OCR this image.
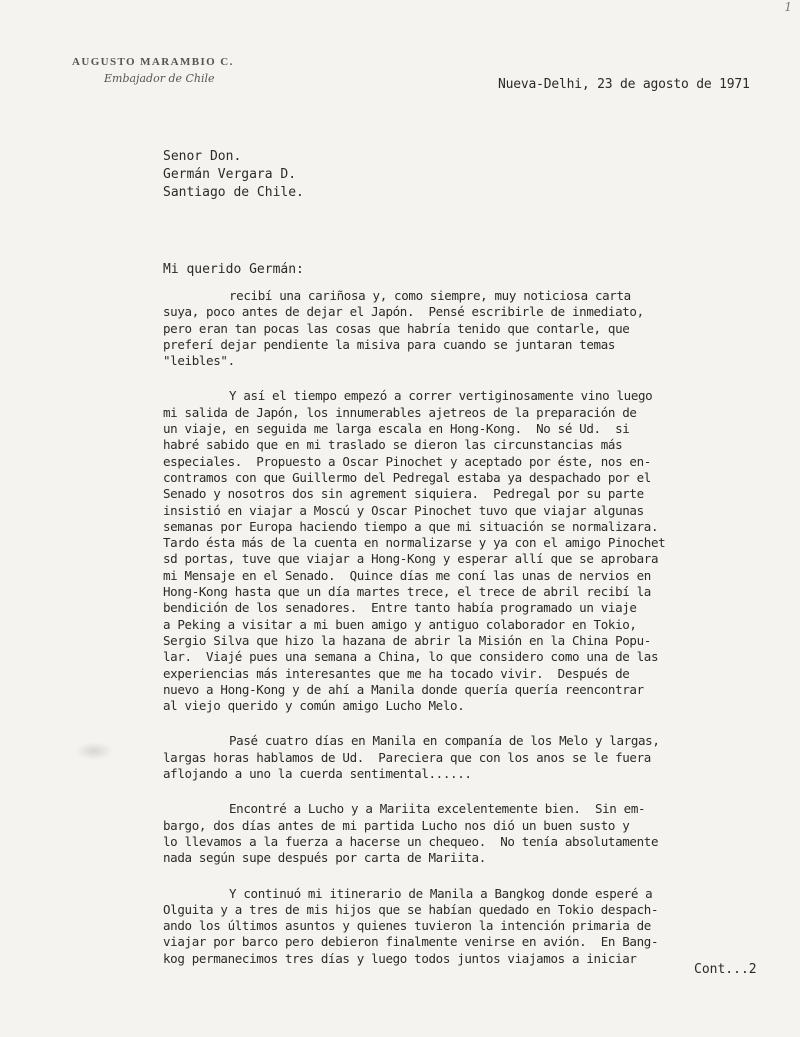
1
AUGUSTO MARAMBIO C.
Embajador de Chile	Nueva-Delhi, 23 de agosto de 1971
Senor Don.
Germán Vergara D.
Santiago de Chile.
Mi querido Germán:
recibí una cariñosa y, como siempre, muy noticiosa carta
suya, poco antes de dejar el Japón.  Pensé escribirle de inmediato,
pero eran tan pocas las cosas que habría tenido que contarle, que
preferí dejar pendiente la misiva para cuando se juntaran temas
"leibles".
Y así el tiempo empezó a correr vertiginosamente vino luego
mi salida de Japón, los innumerables ajetreos de la preparación de
un viaje, en seguida me larga escala en Hong-Kong.  No sé Ud.  si
habré sabido que en mi traslado se dieron las circunstancias más
especiales.  Propuesto a Oscar Pinochet y aceptado por éste, nos en-
contramos con que Guillermo del Pedregal estaba ya despachado por el
Senado y nosotros dos sin agrement siquiera.  Pedregal por su parte
insistió en viajar a Moscú y Oscar Pinochet tuvo que viajar algunas
semanas por Europa haciendo tiempo a que mi situación se normalizara.
Tardo ésta más de la cuenta en normalizarse y ya con el amigo Pinochet
sd portas, tuve que viajar a Hong-Kong y esperar allí que se aprobara
mi Mensaje en el Senado.  Quince días me coní las unas de nervios en
Hong-Kong hasta que un día martes trece, el trece de abril recibí la
bendición de los senadores.  Entre tanto había programado un viaje
a Peking a visitar a mi buen amigo y antiguo colaborador en Tokio,
Sergio Silva que hizo la hazana de abrir la Misión en la China Popu-
lar.  Viajé pues una semana a China, lo que considero como una de las
experiencias más interesantes que me ha tocado vivir.  Después de
nuevo a Hong-Kong y de ahí a Manila donde quería quería reencontrar
al viejo querido y común amigo Lucho Melo.
Pasé cuatro días en Manila en companía de los Melo y largas,
largas horas hablamos de Ud.  Pareciera que con los anos se le fuera
aflojando a uno la cuerda sentimental......
Encontré a Lucho y a Mariita excelentemente bien.  Sin em-
bargo, dos días antes de mi partida Lucho nos dió un buen susto y
lo llevamos a la fuerza a hacerse un chequeo.  No tenía absolutamente
nada según supe después por carta de Mariita.
Y continuó mi itinerario de Manila a Bangkog donde esperé a
Olguita y a tres de mis hijos que se habían quedado en Tokio despach-
ando los últimos asuntos y quienes tuvieron la intención primaria de
viajar por barco pero debieron finalmente venirse en avión.  En Bang-
kog permanecimos tres días y luego todos juntos viajamos a iniciar
Cont...2
